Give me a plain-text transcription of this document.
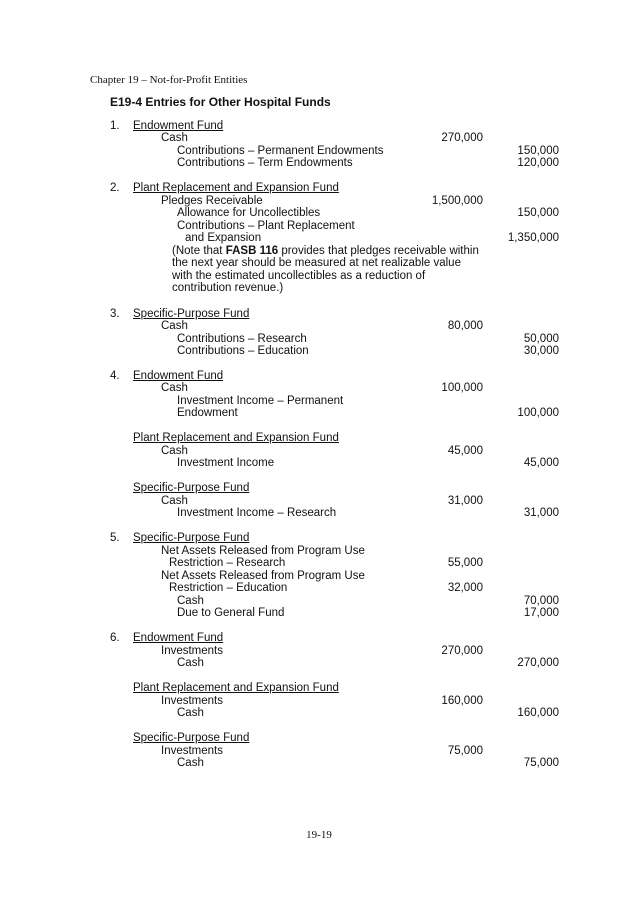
Chapter 19 – Not-for-Profit Entities
E19-4 Entries for Other Hospital Funds
1. Endowment Fund
Cash	270,000
Contributions – Permanent Endowments	150,000
Contributions – Term Endowments	120,000
2. Plant Replacement and Expansion Fund
Pledges Receivable	1,500,000
Allowance for Uncollectibles	150,000
Contributions – Plant Replacement
and Expansion	1,350,000
(Note that FASB 116 provides that pledges receivable within
the next year should be measured at net realizable value
with the estimated uncollectibles as a reduction of
contribution revenue.)
3. Specific-Purpose Fund
Cash	80,000
Contributions – Research	50,000
Contributions – Education	30,000
4. Endowment Fund
Cash	100,000
Investment Income – Permanent
Endowment	100,000
Plant Replacement and Expansion Fund
Cash	45,000
Investment Income	45,000
Specific-Purpose Fund
Cash	31,000
Investment Income – Research	31,000
5. Specific-Purpose Fund
Net Assets Released from Program Use
Restriction – Research	55,000
Net Assets Released from Program Use
Restriction – Education	32,000
Cash	70,000
Due to General Fund	17,000
6. Endowment Fund
Investments	270,000
Cash	270,000
Plant Replacement and Expansion Fund
Investments	160,000
Cash	160,000
Specific-Purpose Fund
Investments	75,000
Cash	75,000
19-19
